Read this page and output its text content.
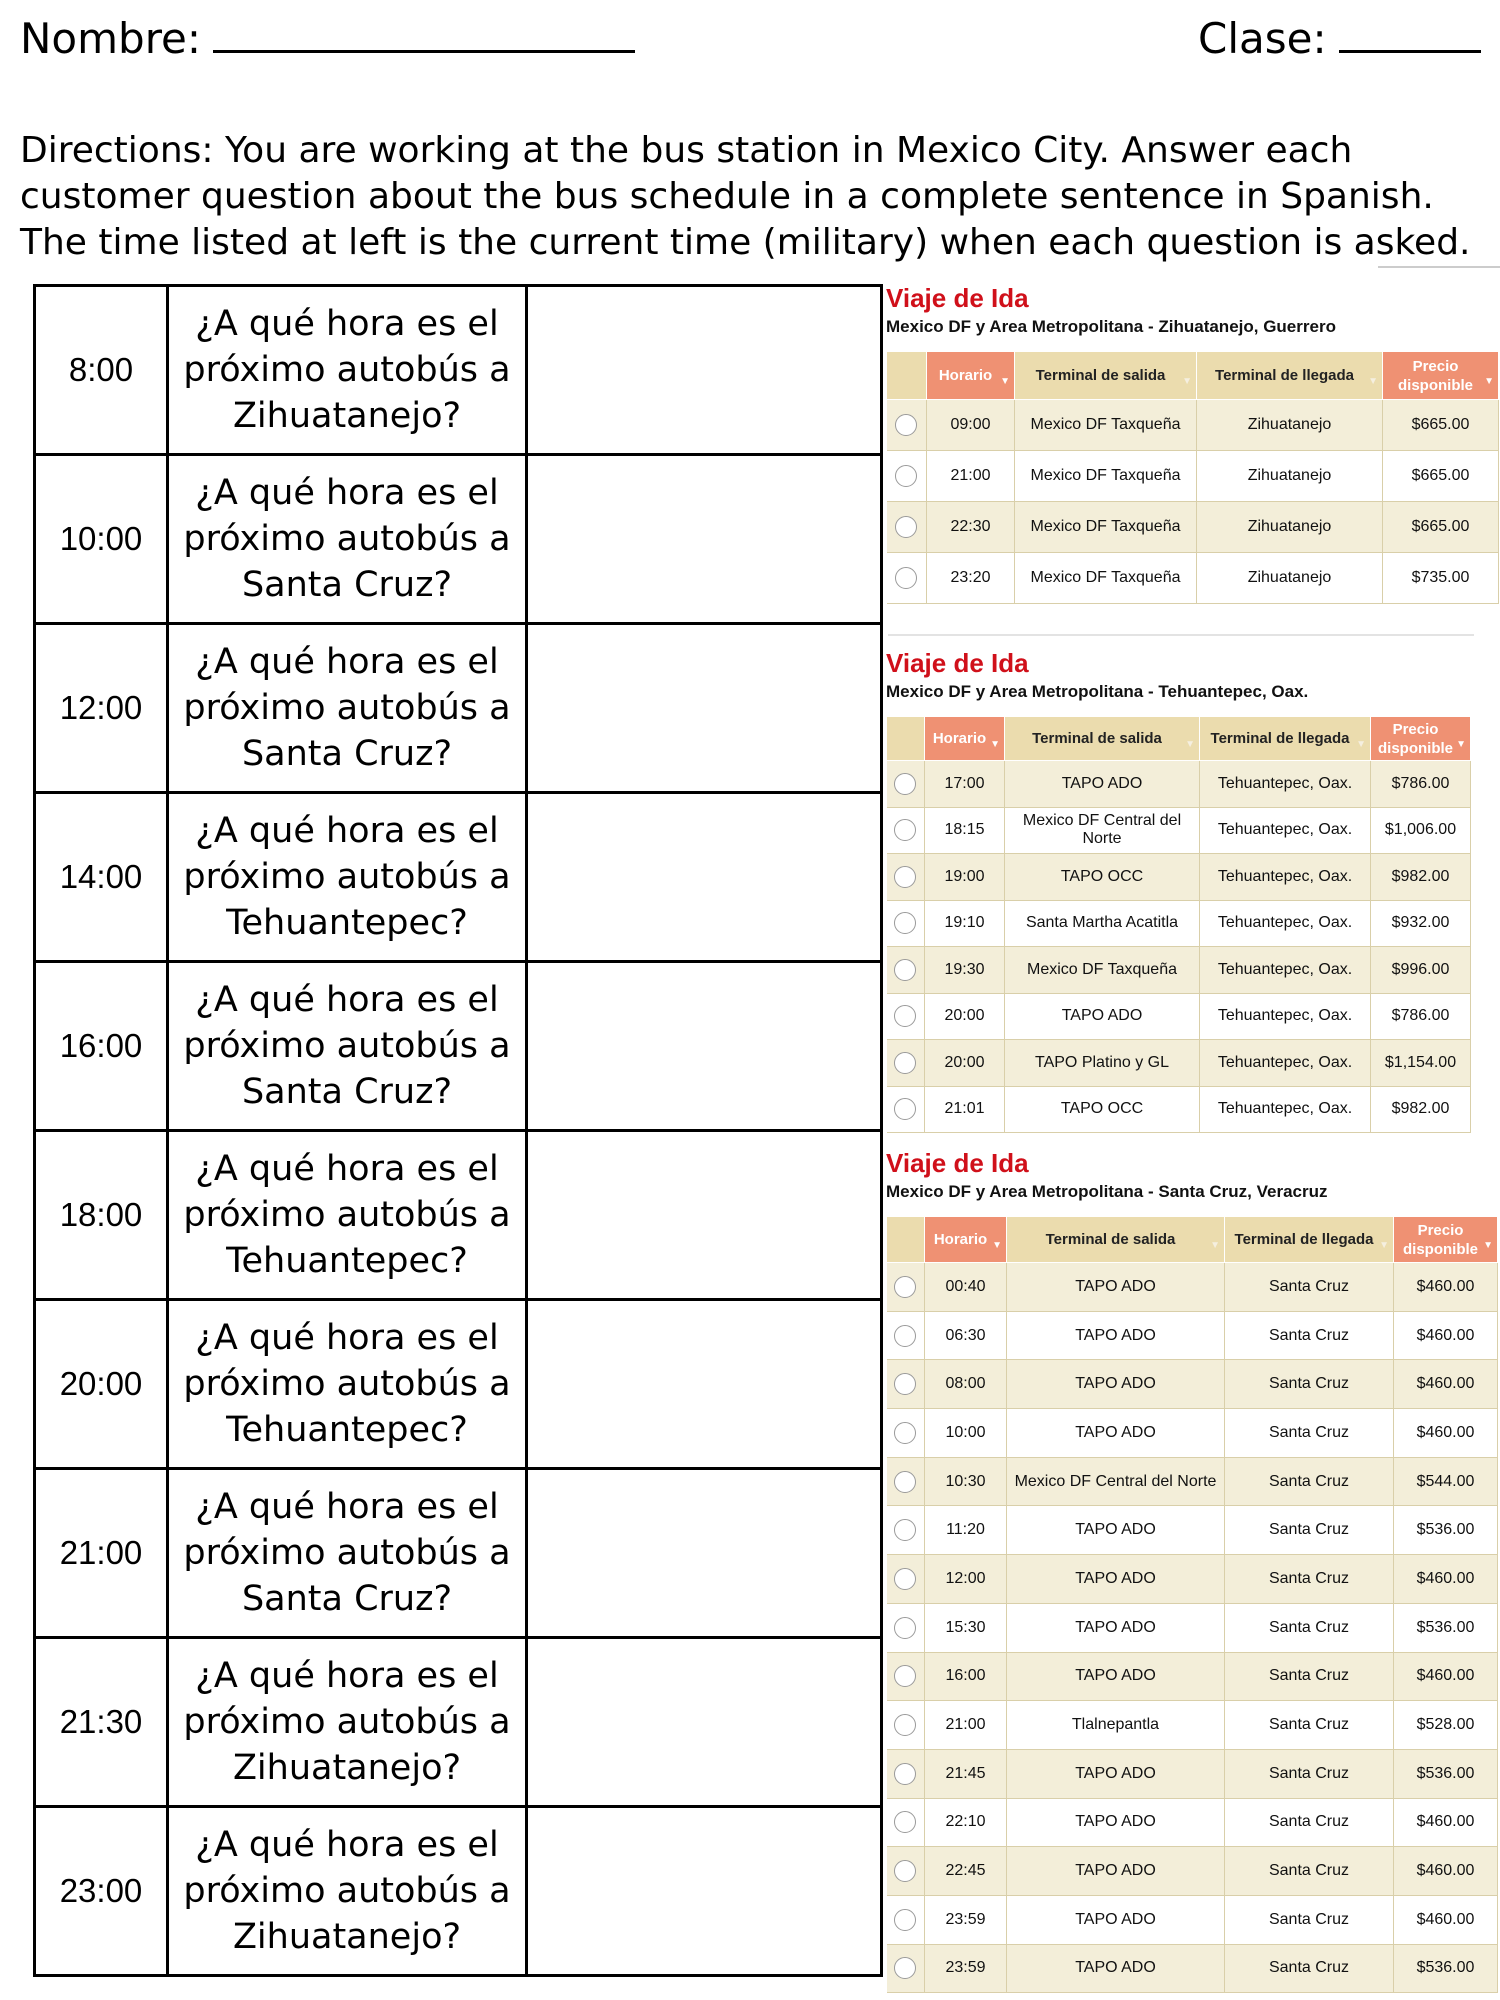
Nombre:	Clase:

Directions: You are working at the bus station in Mexico City. Answer each customer question about the bus schedule in a complete sentence in Spanish. The time listed at left is the current time (military) when each question is asked.

8:00	¿A qué hora es el próximo autobús a Zihuatanejo?	
10:00	¿A qué hora es el próximo autobús a Santa Cruz?	
12:00	¿A qué hora es el próximo autobús a Santa Cruz?	
14:00	¿A qué hora es el próximo autobús a Tehuantepec?	
16:00	¿A qué hora es el próximo autobús a Santa Cruz?	
18:00	¿A qué hora es el próximo autobús a Tehuantepec?	
20:00	¿A qué hora es el próximo autobús a Tehuantepec?	
21:00	¿A qué hora es el próximo autobús a Santa Cruz?	
21:30	¿A qué hora es el próximo autobús a Zihuatanejo?	
23:00	¿A qué hora es el próximo autobús a Zihuatanejo?	
Viaje de Ida
Mexico DF y Area Metropolitana - Zihuatanejo, Guerrero
	Horario ▼	Terminal de salida ▼	Terminal de llegada ▼	Precio disponible ▼

	09:00	Mexico DF Taxqueña	Zihuatanejo	$665.00
	21:00	Mexico DF Taxqueña	Zihuatanejo	$665.00
	22:30	Mexico DF Taxqueña	Zihuatanejo	$665.00
	23:20	Mexico DF Taxqueña	Zihuatanejo	$735.00
Viaje de Ida
Mexico DF y Area Metropolitana - Tehuantepec, Oax.
	Horario ▼	Terminal de salida ▼	Terminal de llegada ▼	Precio disponible ▼

	17:00	TAPO ADO	Tehuantepec, Oax.	$786.00
	18:15	Mexico DF Central del Norte	Tehuantepec, Oax.	$1,006.00
	19:00	TAPO OCC	Tehuantepec, Oax.	$982.00
	19:10	Santa Martha Acatitla	Tehuantepec, Oax.	$932.00
	19:30	Mexico DF Taxqueña	Tehuantepec, Oax.	$996.00
	20:00	TAPO ADO	Tehuantepec, Oax.	$786.00
	20:00	TAPO Platino y GL	Tehuantepec, Oax.	$1,154.00
	21:01	TAPO OCC	Tehuantepec, Oax.	$982.00
Viaje de Ida
Mexico DF y Area Metropolitana - Santa Cruz, Veracruz
	Horario ▼	Terminal de salida ▼	Terminal de llegada ▼	Precio disponible ▼

	00:40	TAPO ADO	Santa Cruz	$460.00
	06:30	TAPO ADO	Santa Cruz	$460.00
	08:00	TAPO ADO	Santa Cruz	$460.00
	10:00	TAPO ADO	Santa Cruz	$460.00
	10:30	Mexico DF Central del Norte	Santa Cruz	$544.00
	11:20	TAPO ADO	Santa Cruz	$536.00
	12:00	TAPO ADO	Santa Cruz	$460.00
	15:30	TAPO ADO	Santa Cruz	$536.00
	16:00	TAPO ADO	Santa Cruz	$460.00
	21:00	Tlalnepantla	Santa Cruz	$528.00
	21:45	TAPO ADO	Santa Cruz	$536.00
	22:10	TAPO ADO	Santa Cruz	$460.00
	22:45	TAPO ADO	Santa Cruz	$460.00
	23:59	TAPO ADO	Santa Cruz	$460.00
	23:59	TAPO ADO	Santa Cruz	$536.00
